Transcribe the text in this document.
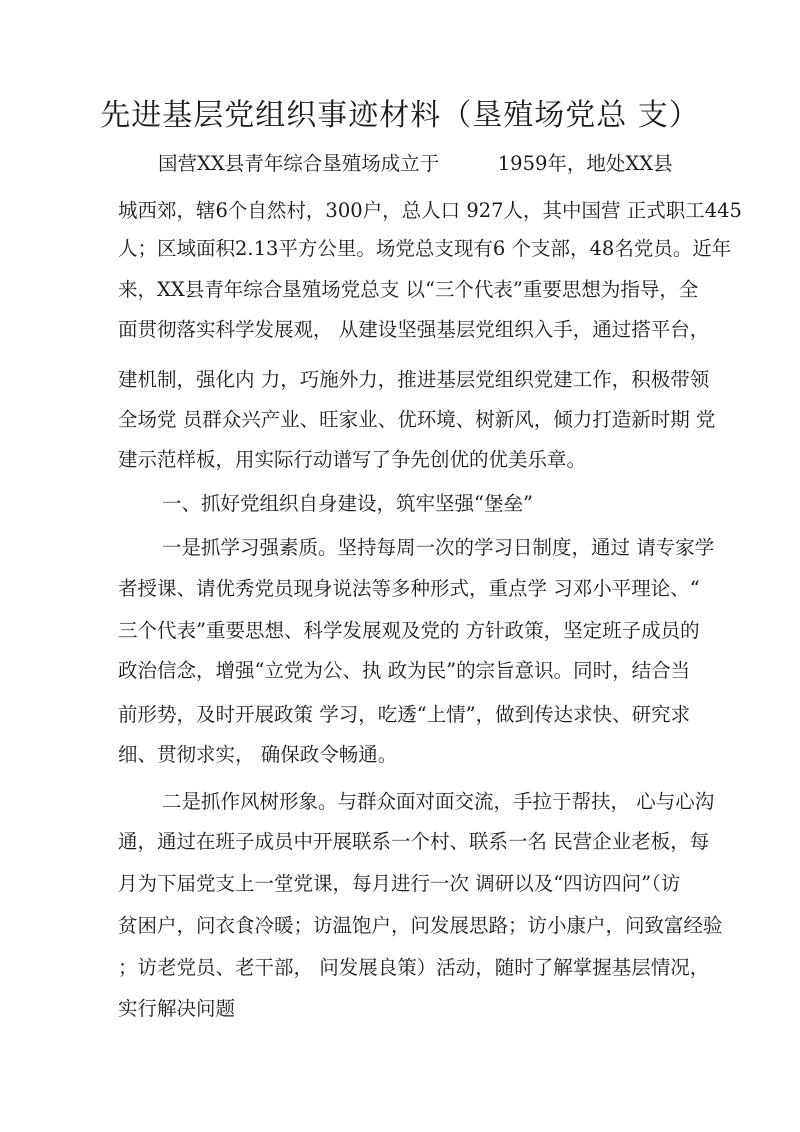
先进基层党组织事迹材料（垦殖场党总 支）
国营XX县青年综合垦殖场成立于　　　1959年，地处XX县
城西郊，辖6个自然村，300户，总人口 927人，其中国营 正式职工445
人；区域面积2.13平方公里。场党总支现有6 个支部，48名党员。近年
来，XX县青年综合垦殖场党总支 以“三个代表”重要思想为指导，全
面贯彻落实科学发展观， 从建设坚强基层党组织入手，通过搭平台，
建机制，强化内 力，巧施外力，推进基层党组织党建工作，积极带领
全场党 员群众兴产业、旺家业、优环境、树新风，倾力打造新时期 党
建示范样板，用实际行动谱写了争先创优的优美乐章。
一、抓好党组织自身建设，筑牢坚强“堡垒”
一是抓学习强素质。坚持每周一次的学习日制度，通过 请专家学
者授课、请优秀党员现身说法等多种形式，重点学 习邓小平理论、“
三个代表”重要思想、科学发展观及党的 方针政策，坚定班子成员的
政治信念，增强“立党为公、执 政为民”的宗旨意识。同时，结合当
前形势，及时开展政策 学习，吃透“上情”，做到传达求快、研究求
细、贯彻求实， 确保政令畅通。
二是抓作风树形象。与群众面对面交流，手拉于帮扶， 心与心沟
通，通过在班子成员中开展联系一个村、联系一名 民营企业老板，每
月为下届党支上一堂党课，每月进行一次 调研以及“四访四问”（访
贫困户，问衣食冷暖；访温饱户，问发展思路；访小康户，问致富经验
；访老党员、老干部， 问发展良策）活动，随时了解掌握基层情况，
实行解决问题
